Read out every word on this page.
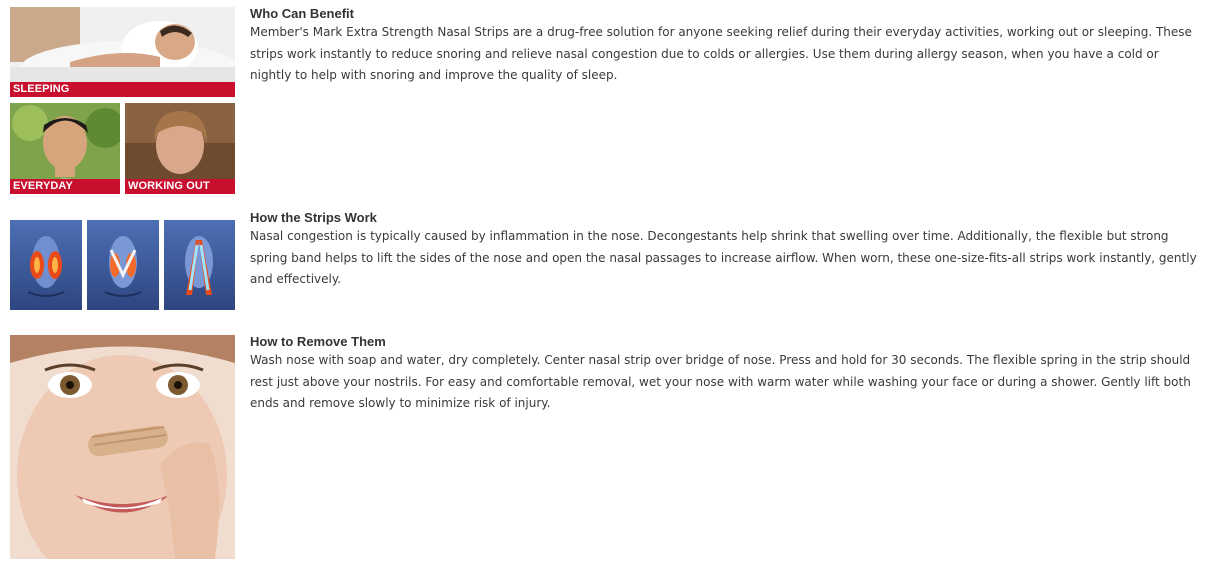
SLEEPING
EVERYDAY	WORKING OUT
Who Can Benefit

Member's Mark Extra Strength Nasal Strips are a drug-free solution for anyone seeking relief during their everyday activities, working out or sleeping. These strips work instantly to reduce snoring and relieve nasal congestion due to colds or allergies. Use them during allergy season, when you have a cold or nightly to help with snoring and improve the quality of sleep.

How the Strips Work

Nasal congestion is typically caused by inflammation in the nose. Decongestants help shrink that swelling over time. Additionally, the flexible but strong spring band helps to lift the sides of the nose and open the nasal passages to increase airflow. When worn, these one-size-fits-all strips work instantly, gently and effectively.

How to Remove Them

Wash nose with soap and water, dry completely. Center nasal strip over bridge of nose. Press and hold for 30 seconds. The flexible spring in the strip should rest just above your nostrils. For easy and comfortable removal, wet your nose with warm water while washing your face or during a shower. Gently lift both ends and remove slowly to minimize risk of injury.
